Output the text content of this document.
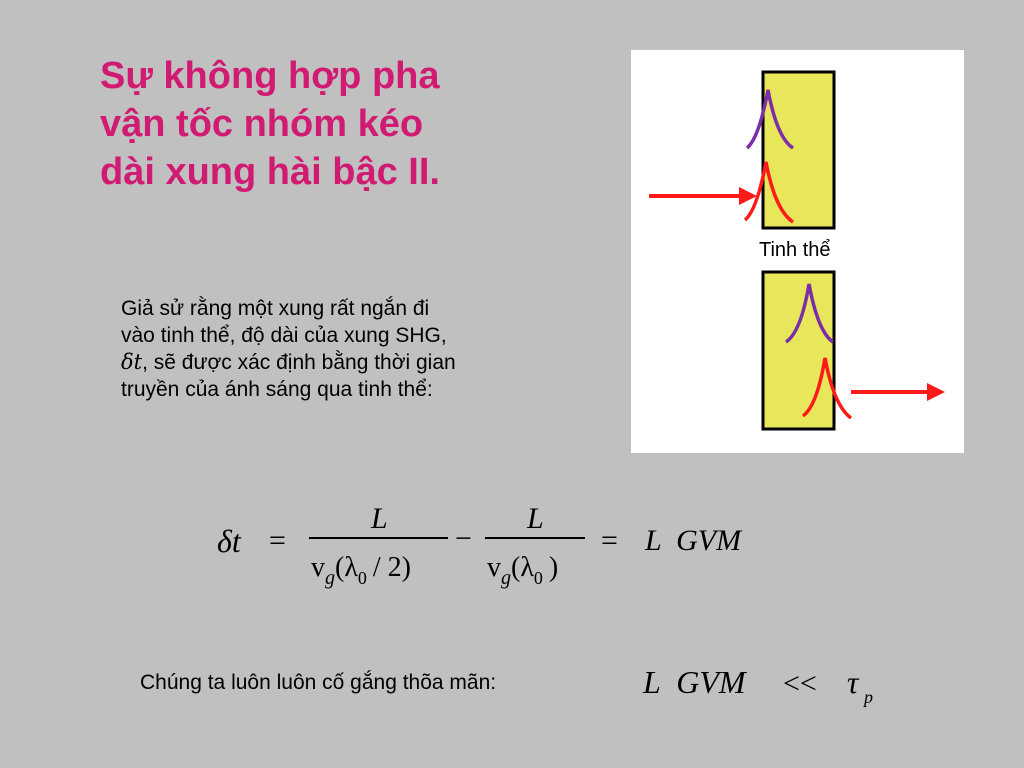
Sự không hợp pha
vận tốc nhóm kéo
dài xung hài bậc II.
Giả sử rằng một xung rất ngắn đi
vào tinh thể, độ dài của xung SHG,
δt, sẽ được xác định bằng thời gian
truyền của ánh sáng qua tinh thể:
Tinh thể
δt =
L
$v_g(\lambda_0 / 2)$
−
L
$v_g(\lambda_0$ )
= L  GVM
Chúng ta luôn luôn cố gắng thõa mãn:	L  GVM << τ p
